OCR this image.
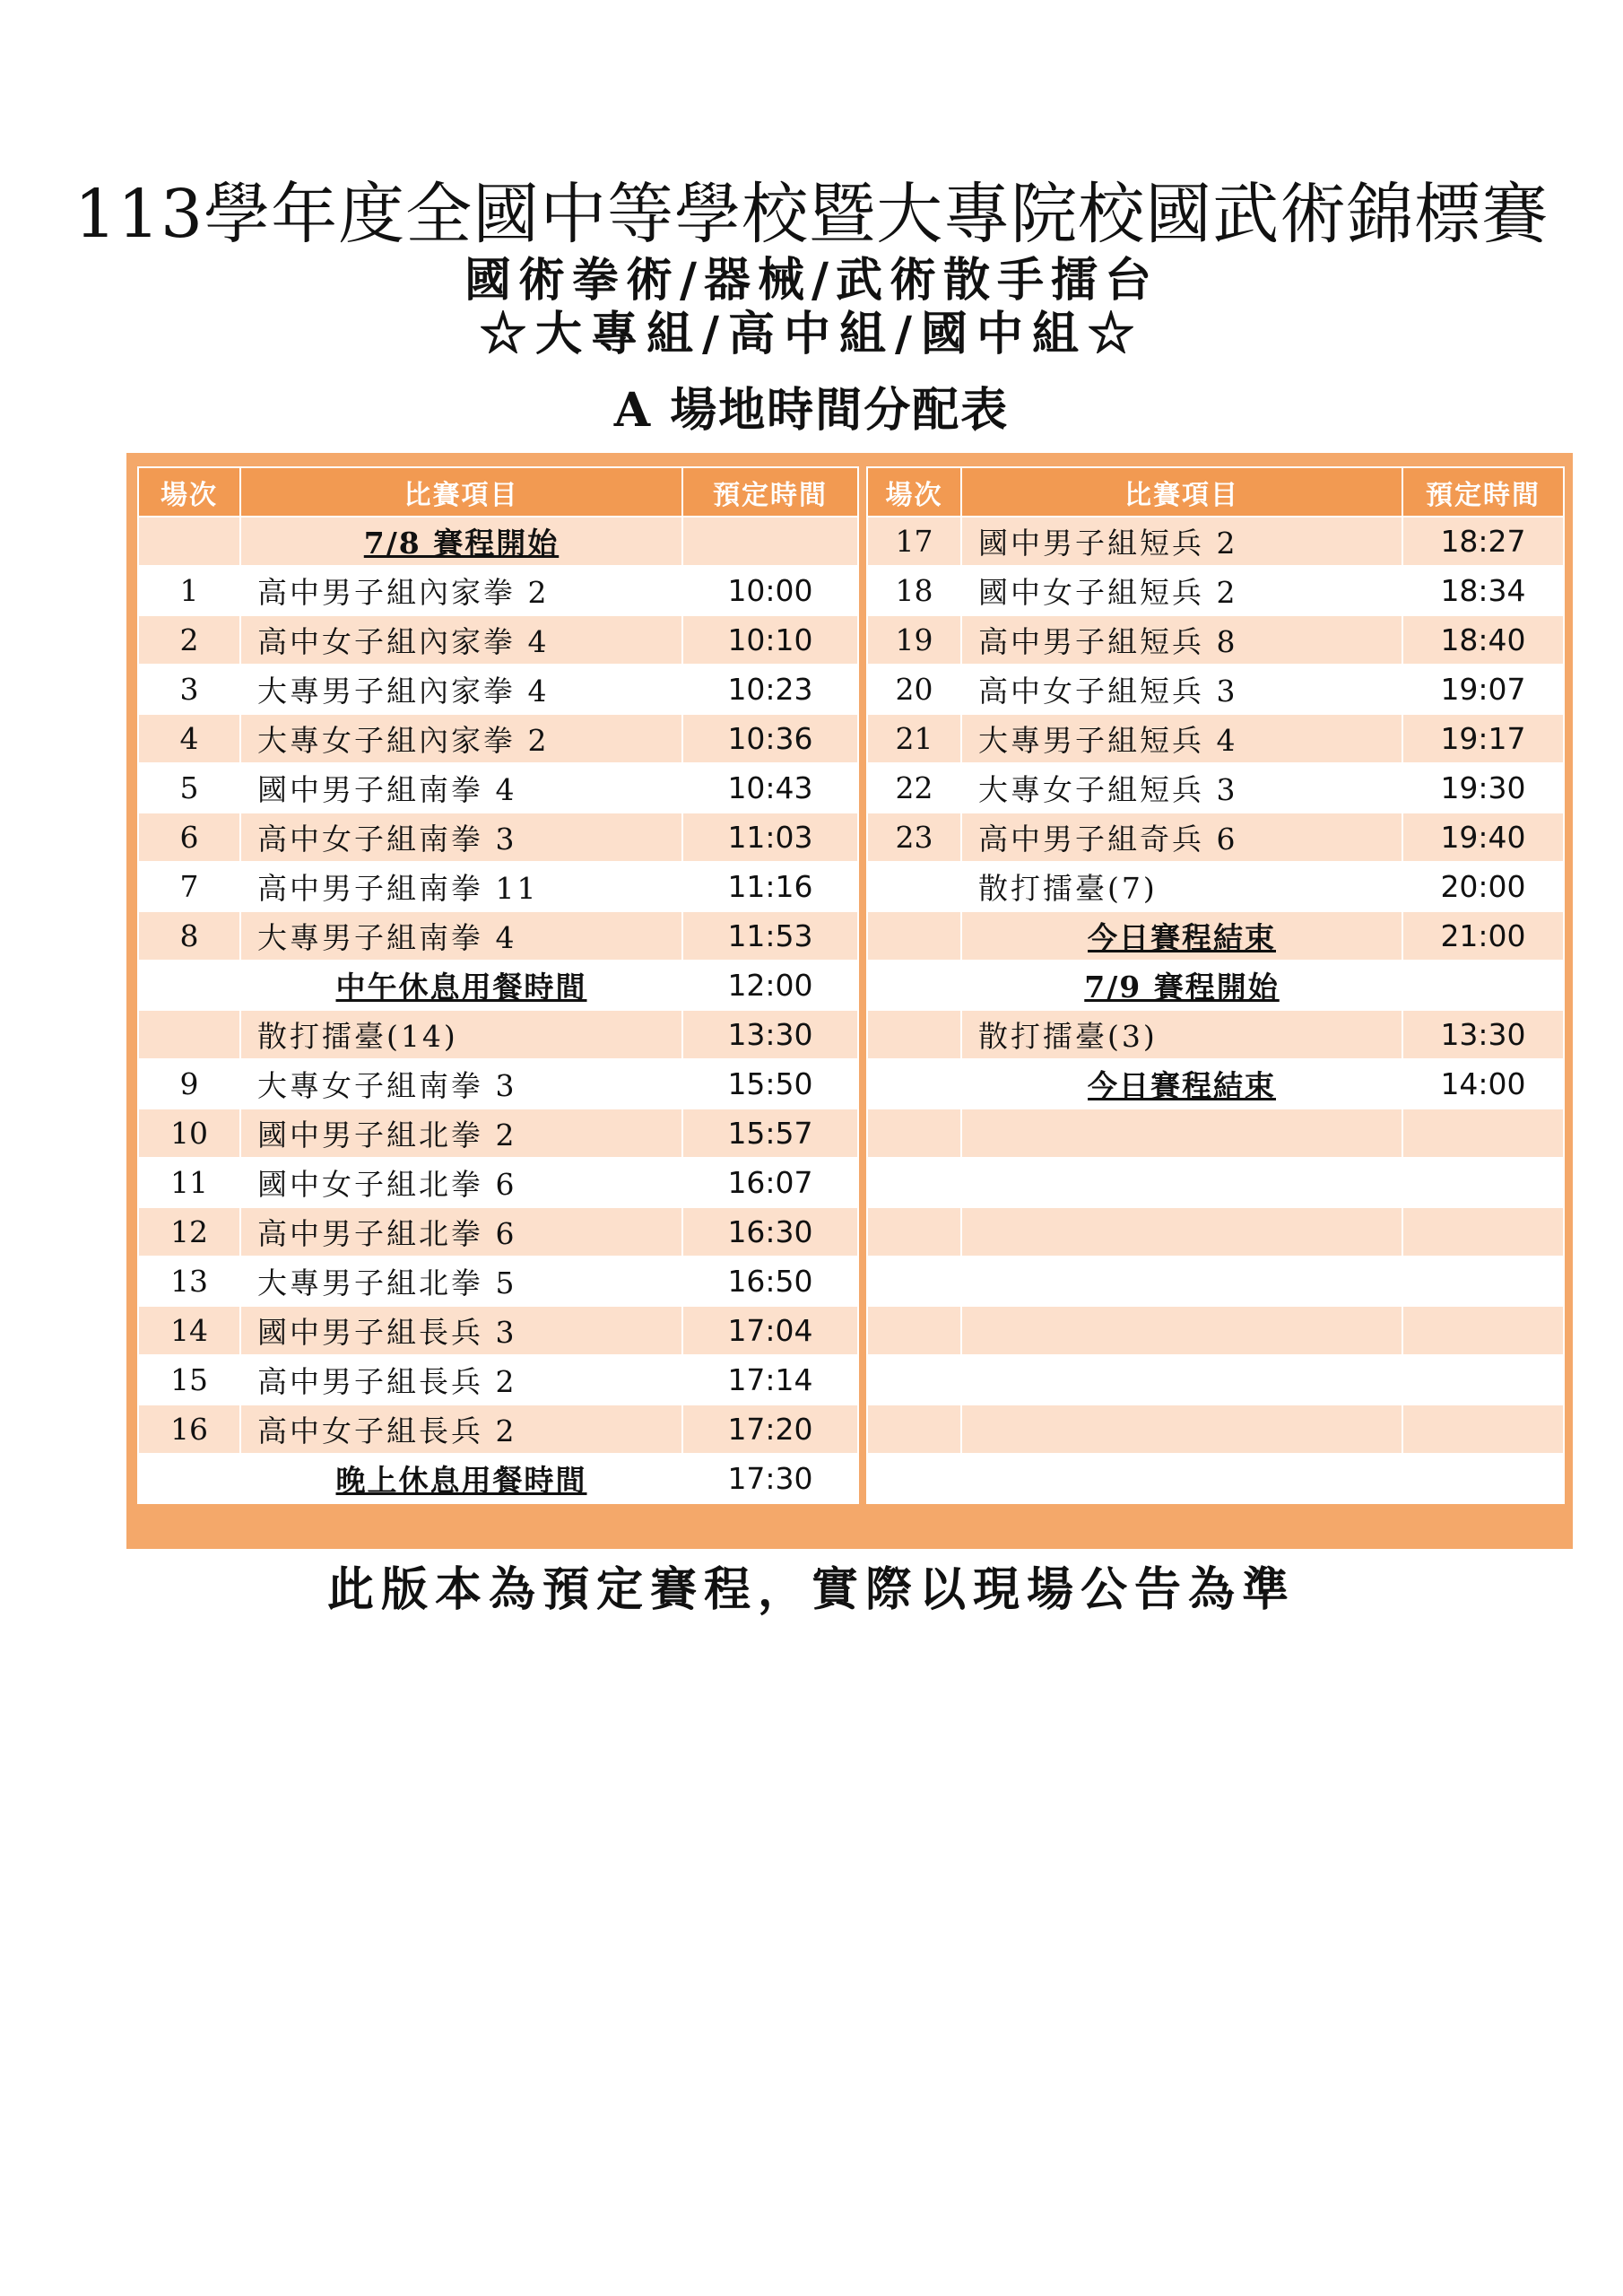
113學年度全國中等學校暨大專院校國武術錦標賽
國術拳術/器械/武術散手擂台
☆大專組/高中組/國中組☆
A 場地時間分配表
場次	比賽項目	預定時間
	7/8 賽程開始	
1	高中男子組內家拳 2	10:00
2	高中女子組內家拳 4	10:10
3	大專男子組內家拳 4	10:23
4	大專女子組內家拳 2	10:36
5	國中男子組南拳 4	10:43
6	高中女子組南拳 3	11:03
7	高中男子組南拳 11	11:16
8	大專男子組南拳 4	11:53
	中午休息用餐時間	12:00
	散打擂臺(14)	13:30
9	大專女子組南拳 3	15:50
10	國中男子組北拳 2	15:57
11	國中女子組北拳 6	16:07
12	高中男子組北拳 6	16:30
13	大專男子組北拳 5	16:50
14	國中男子組長兵 3	17:04
15	高中男子組長兵 2	17:14
16	高中女子組長兵 2	17:20
	晚上休息用餐時間	17:30
場次	比賽項目	預定時間
17	國中男子組短兵 2	18:27
18	國中女子組短兵 2	18:34
19	高中男子組短兵 8	18:40
20	高中女子組短兵 3	19:07
21	大專男子組短兵 4	19:17
22	大專女子組短兵 3	19:30
23	高中男子組奇兵 6	19:40
	散打擂臺(7)	20:00
	今日賽程結束	21:00
	7/9 賽程開始	
	散打擂臺(3)	13:30
	今日賽程結束	14:00

此版本為預定賽程，實際以現場公告為準
